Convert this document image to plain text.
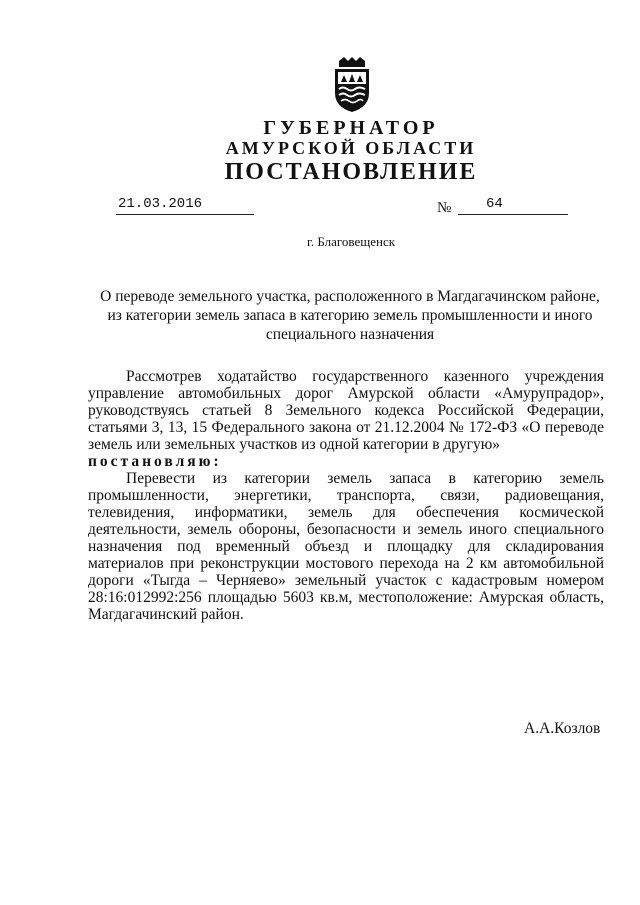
ГУБЕРНАТОР
АМУРСКОЙ ОБЛАСТИ
ПОСТАНОВЛЕНИЕ
21.03.2016	№	64
г. Благовещенск
О переводе земельного участка, расположенного в Магдагачинском районе, из категории земель запаса в категорию земель промышленности и иного специального назначения

Рассмотрев ходатайство государственного казенного учреждения управление автомобильных дорог Амурской области «Амурупрадор», руководствуясь статьей 8 Земельного кодекса Российской Федерации, статьями 3, 13, 15 Федерального закона от 21.12.2004 № 172-ФЗ «О переводе земель или земельных участков из одной категории в другую»

постановляю:

Перевести из категории земель запаса в категорию земель промышленности, энергетики, транспорта, связи, радиовещания, телевидения, информатики, земель для обеспечения космической деятельности, земель обороны, безопасности и земель иного специального назначения под временный объезд и площадку для складирования материалов при реконструкции мостового перехода на 2 км автомобильной дороги «Тыгда – Черняево» земельный участок с кадастровым номером 28:16:012992:256 площадью 5603 кв.м, местоположение: Амурская область, Магдагачинский район.

А.А.Козлов
